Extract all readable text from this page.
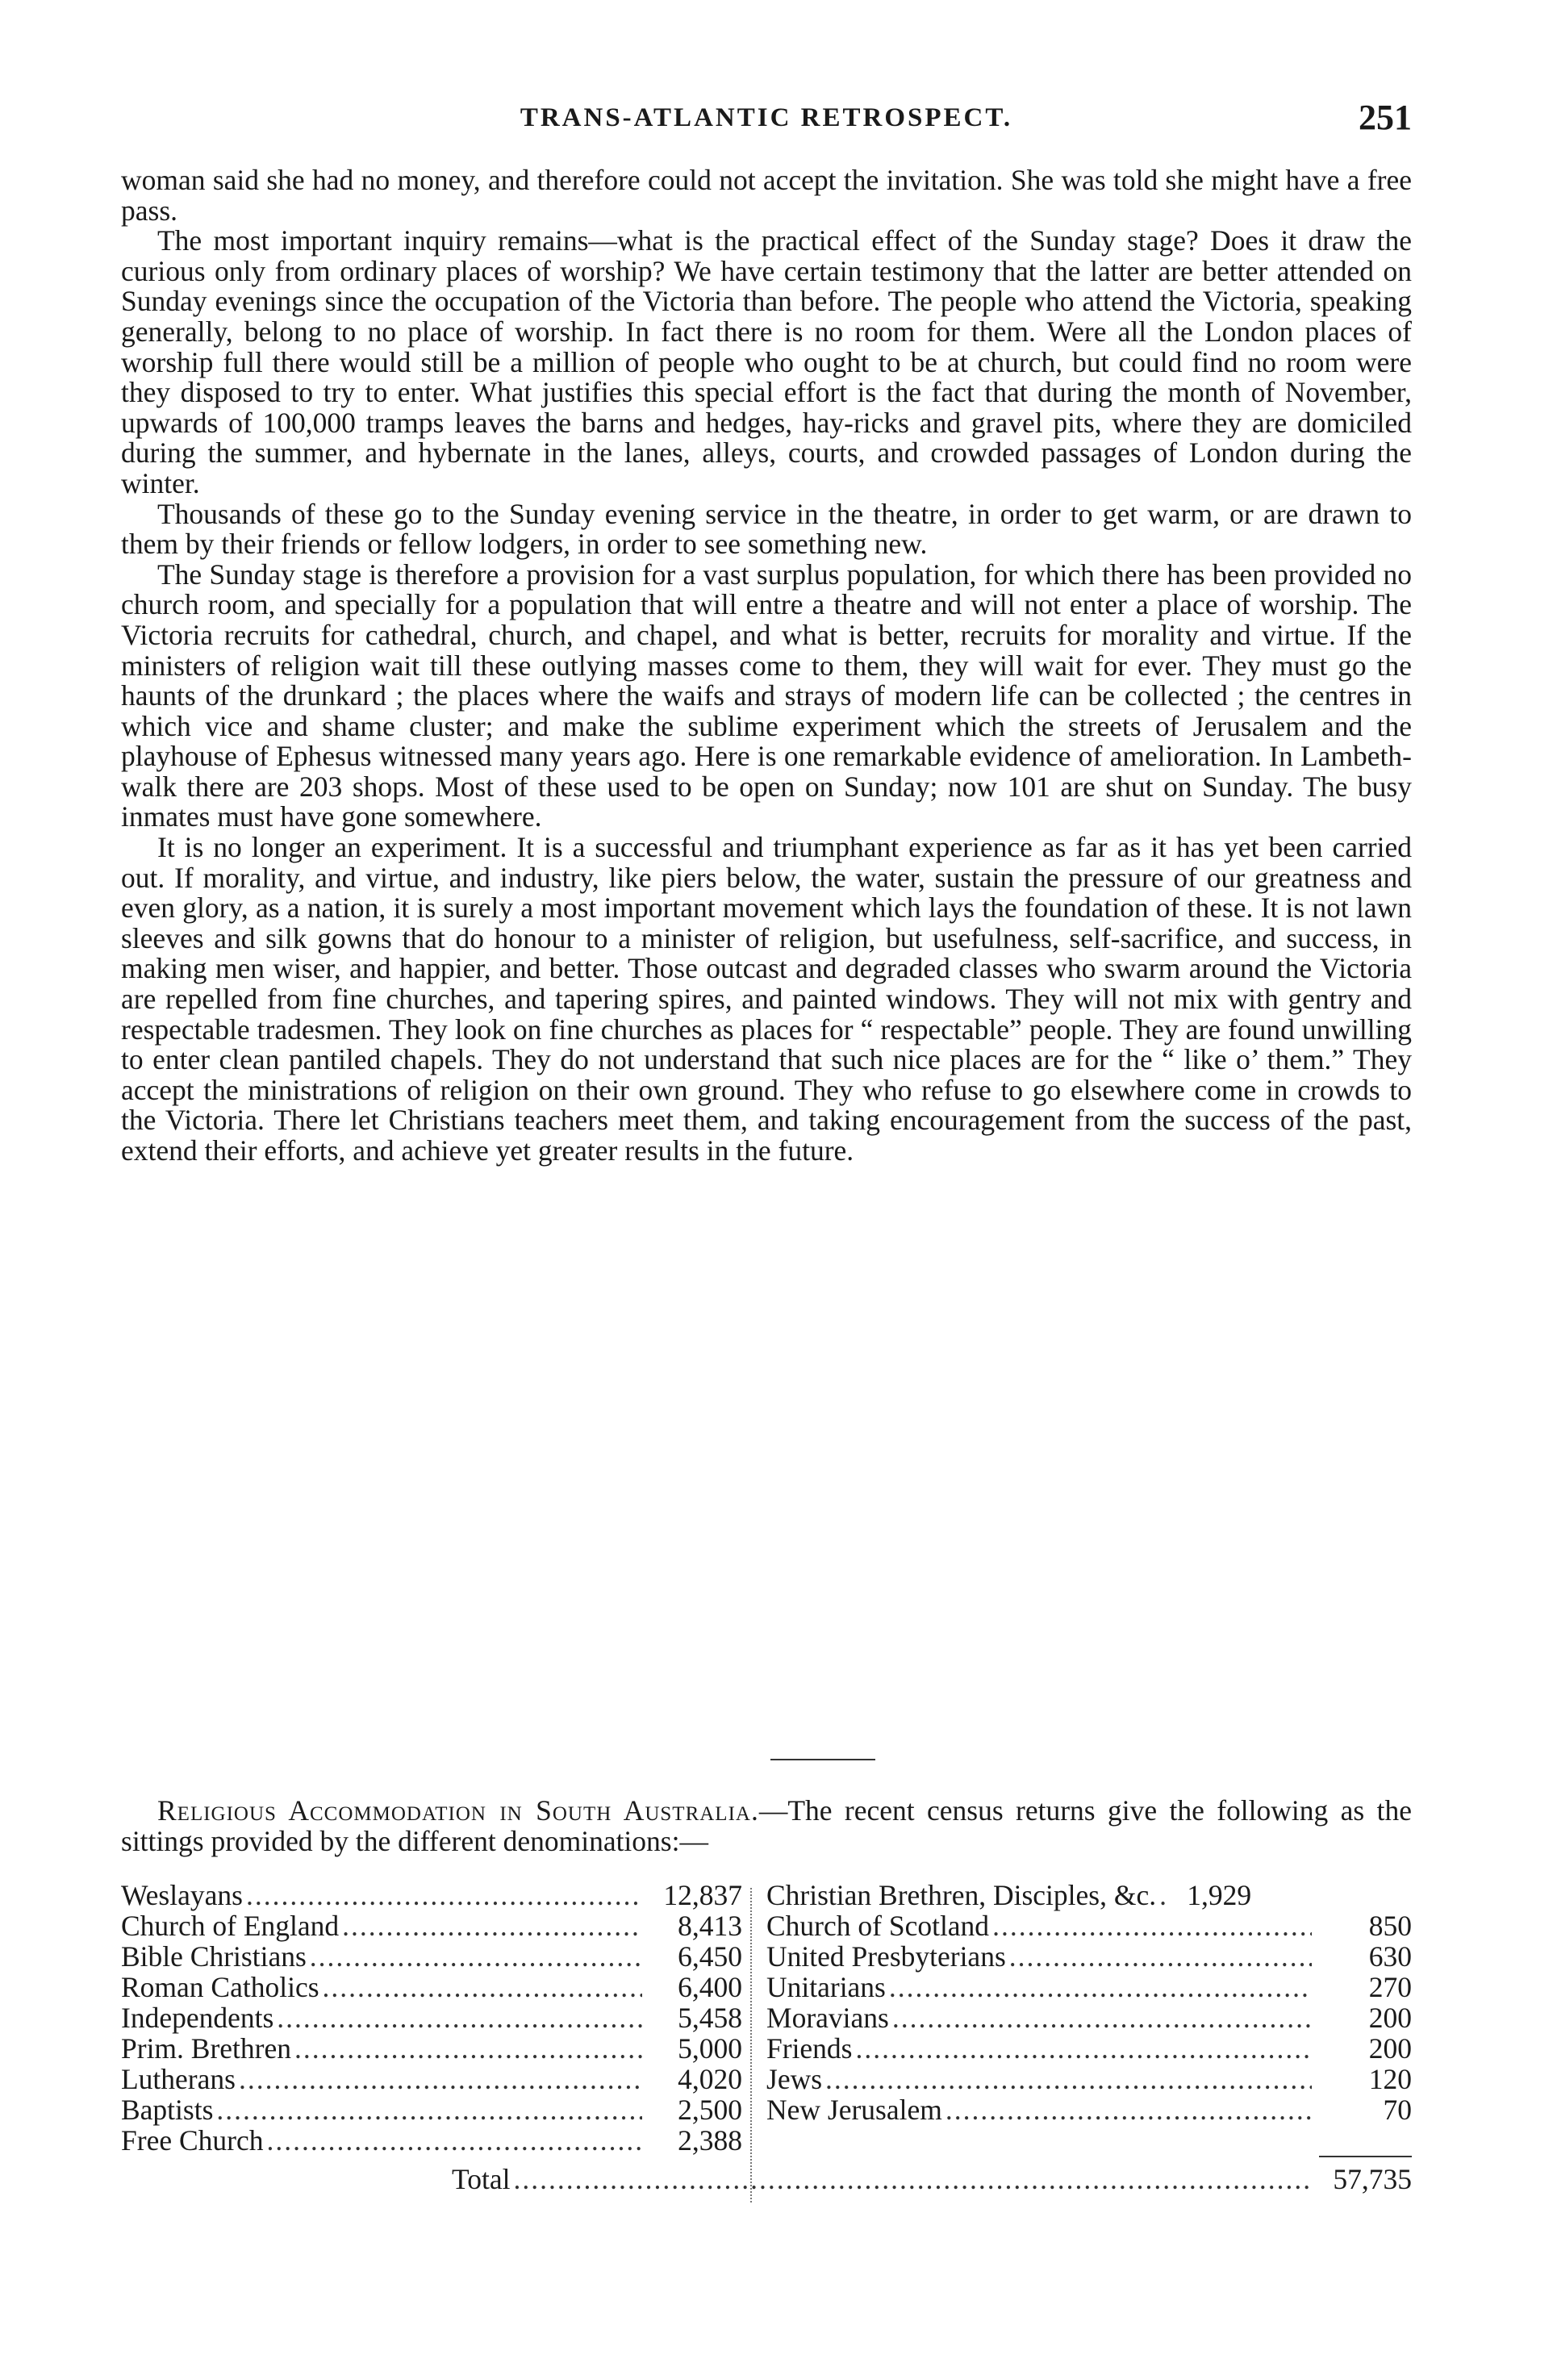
TRANS-ATLANTIC RETROSPECT.	251

woman said she had no money, and therefore could not accept the invitation. She was told she might have a free pass.

The most important inquiry remains—what is the practical effect of the Sunday stage? Does it draw the curious only from ordinary places of worship? We have certain testimony that the latter are better attended on Sunday evenings since the occupation of the Victoria than before. The people who attend the Victoria, speaking generally, belong to no place of worship. In fact there is no room for them. Were all the London places of worship full there would still be a million of people who ought to be at church, but could find no room were they disposed to try to enter. What justifies this special effort is the fact that during the month of November, upwards of 100,000 tramps leaves the barns and hedges, hay-ricks and gravel pits, where they are domiciled during the summer, and hybernate in the lanes, alleys, courts, and crowded passages of London during the winter.

Thousands of these go to the Sunday evening service in the theatre, in order to get warm, or are drawn to them by their friends or fellow lodgers, in order to see something new.

The Sunday stage is therefore a provision for a vast surplus population, for which there has been provided no church room, and specially for a population that will entre a theatre and will not enter a place of worship. The Victoria recruits for cathedral, church, and chapel, and what is better, recruits for morality and virtue. If the ministers of religion wait till these outlying masses come to them, they will wait for ever. They must go the haunts of the drunkard ; the places where the waifs and strays of modern life can be collected ; the centres in which vice and shame cluster; and make the sublime experiment which the streets of Jerusalem and the playhouse of Ephesus witnessed many years ago. Here is one remarkable evidence of amelioration. In Lambeth-walk there are 203 shops. Most of these used to be open on Sunday; now 101 are shut on Sunday. The busy inmates must have gone somewhere.

It is no longer an experiment. It is a successful and triumphant experience as far as it has yet been carried out. If morality, and virtue, and industry, like piers below, the water, sustain the pressure of our greatness and even glory, as a nation, it is surely a most important movement which lays the foundation of these. It is not lawn sleeves and silk gowns that do honour to a minister of religion, but usefulness, self-sacrifice, and success, in making men wiser, and happier, and better. Those outcast and degraded classes who swarm around the Victoria are repelled from fine churches, and tapering spires, and painted windows. They will not mix with gentry and respectable tradesmen. They look on fine churches as places for “ respectable” people. They are found unwilling to enter clean pantiled chapels. They do not understand that such nice places are for the “ like o’ them.” They accept the ministrations of religion on their own ground. They who refuse to go elsewhere come in crowds to the Victoria. There let Christians teachers meet them, and taking encouragement from the success of the past, extend their efforts, and achieve yet greater results in the future.

Religious Accommodation in South Australia.—The recent census returns give the following as the sittings provided by the different denominations:—

Weslayans .....	12,837
Church of England .....	8,413
Bible Christians .....	6,450
Roman Catholics .....	6,400
Independents .....	5,458
Prim. Brethren .....	5,000
Lutherans .....	4,020
Baptists .....	2,500
Free Church .....	2,388
Christian Brethren, Disciples, &c. .....	1,929
Church of Scotland .....	850
United Presbyterians .....	630
Unitarians .....	270
Moravians .....	200
Friends .....	200
Jews .....	120
New Jerusalem .....	70
Total .....	57,735
